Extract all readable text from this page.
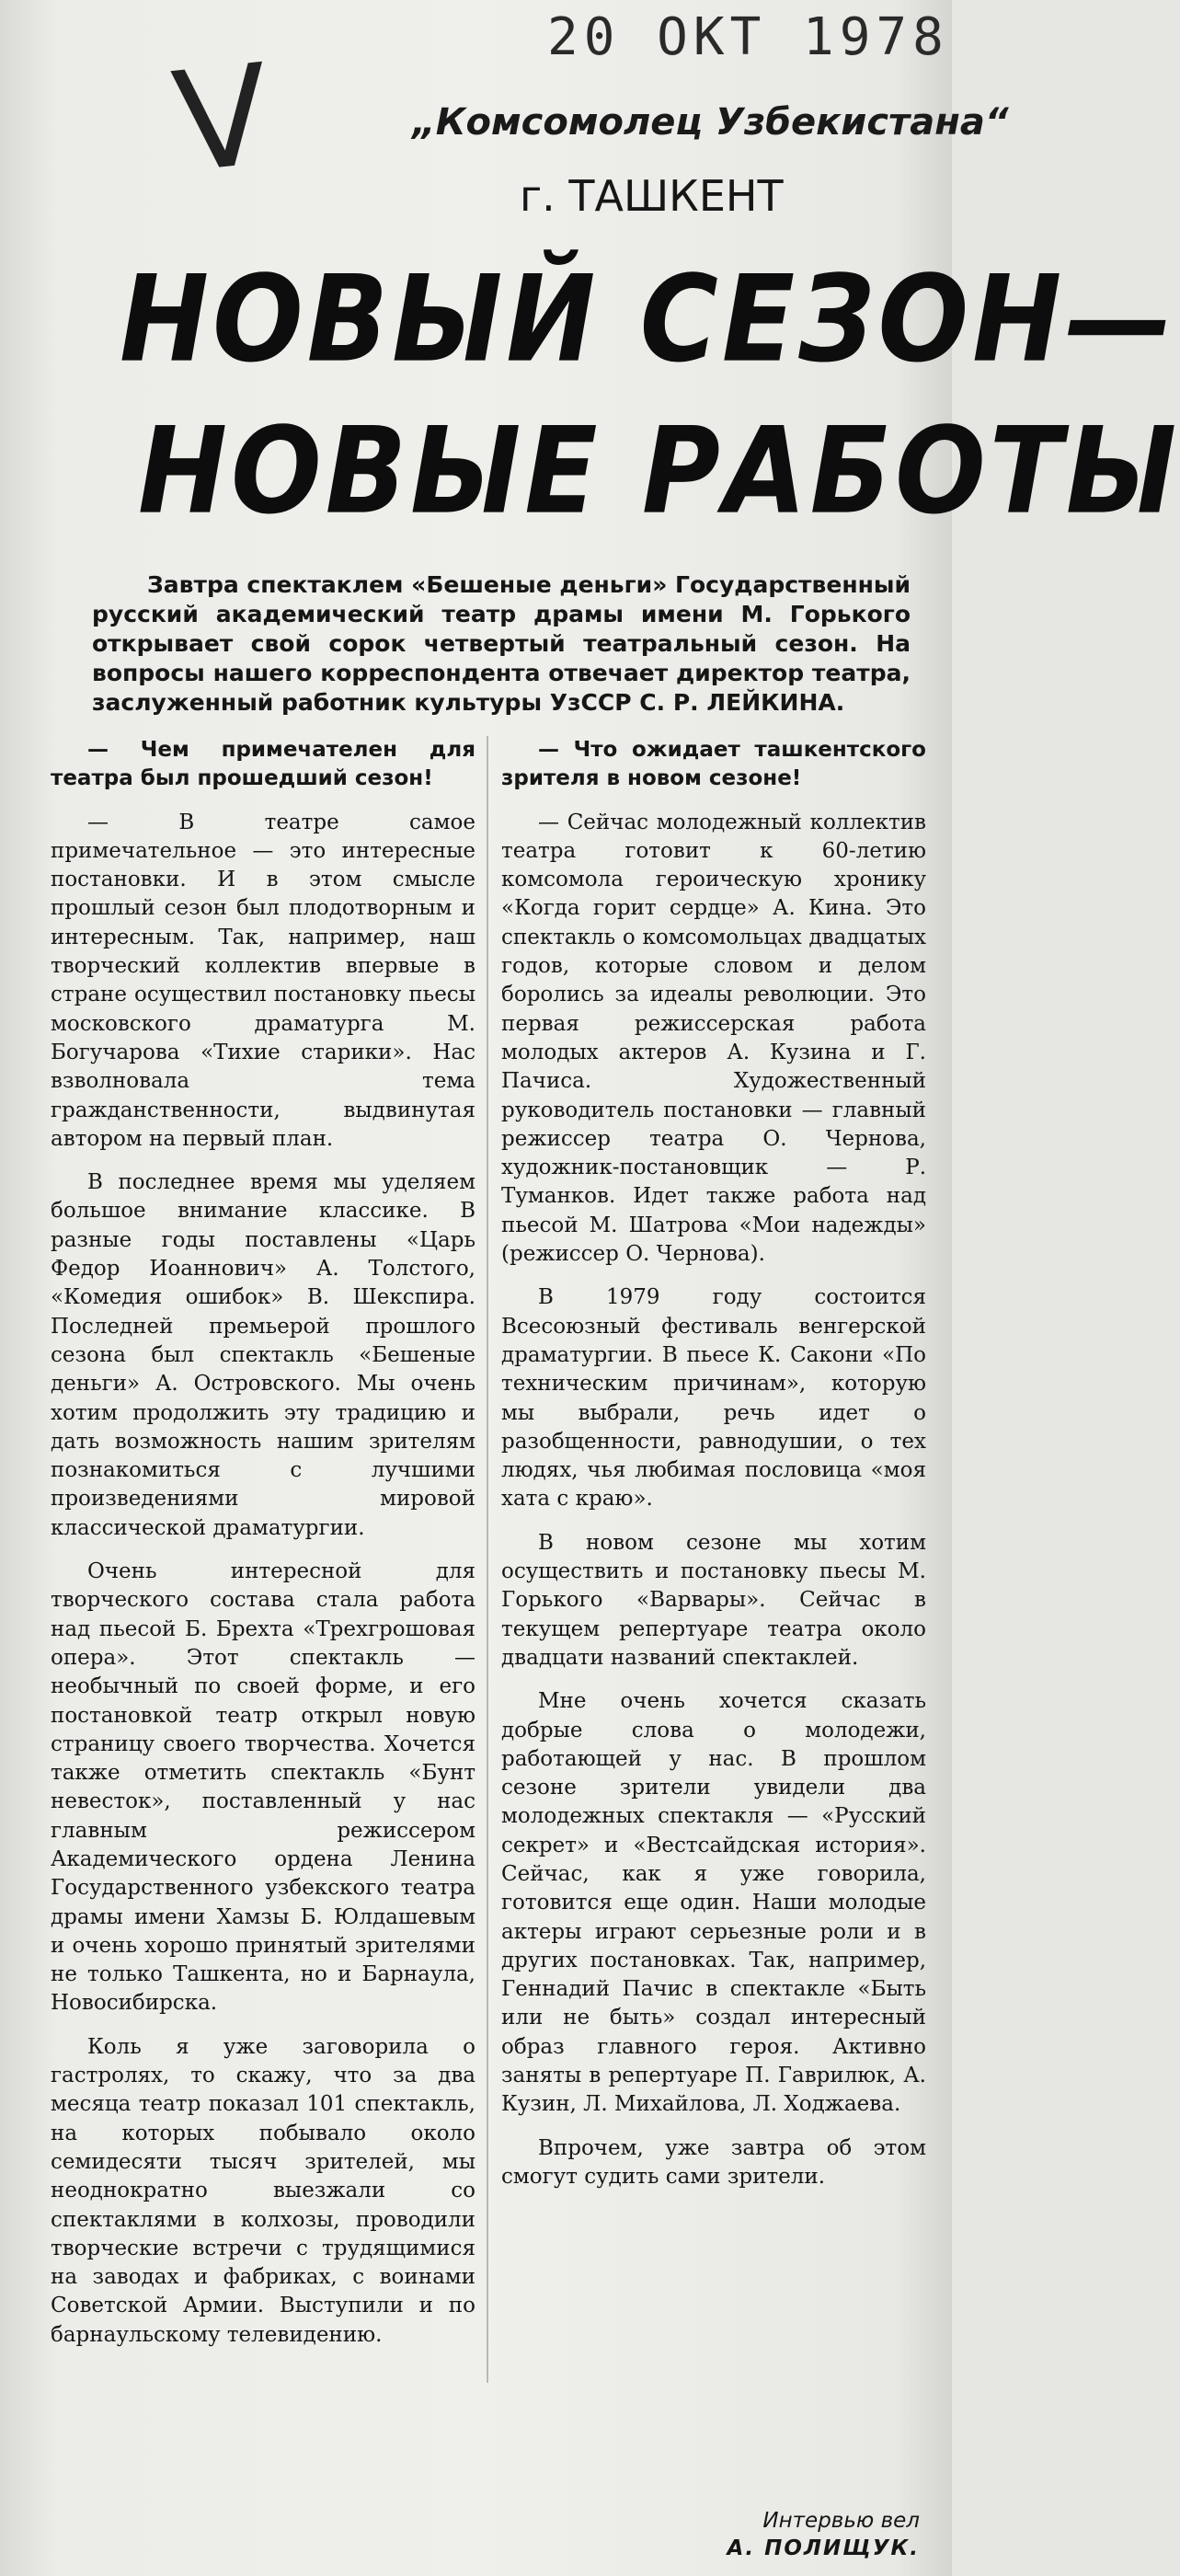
V	20 ОКТ 1978
„Комсомолец Узбекистана“
г. ТАШКЕНТ
НОВЫЙ СЕЗОН—
НОВЫЕ РАБОТЫ
Завтра спектаклем «Бешеные деньги» Государственный русский академический театр драмы имени М. Горького открывает свой сорок четвертый театральный сезон. На вопросы нашего корреспондента отвечает директор театра, заслуженный работник культуры УзССР С. Р. ЛЕЙКИНА.

— Чем примечателен для театра был прошедший сезон!

— В театре самое примечательное — это интересные постановки. И в этом смысле прошлый сезон был плодотворным и интересным. Так, например, наш творческий коллектив впервые в стране осуществил постановку пьесы московского драматурга М. Богучарова «Тихие старики». Нас взволновала тема гражданственности, выдвинутая автором на первый план.

В последнее время мы уделяем большое внимание классике. В разные годы поставлены «Царь Федор Иоаннович» А. Толстого, «Комедия ошибок» В. Шекспира. Последней премьерой прошлого сезона был спектакль «Бешеные деньги» А. Островского. Мы очень хотим продолжить эту традицию и дать возможность нашим зрителям познакомиться с лучшими произведениями мировой классической драматургии.

Очень интересной для творческого состава стала работа над пьесой Б. Брехта «Трехгрошовая опера». Этот спектакль — необычный по своей форме, и его постановкой театр открыл новую страницу своего творчества. Хочется также отметить спектакль «Бунт невесток», поставленный у нас главным режиссером Академического ордена Ленина Государственного узбекского театра драмы имени Хамзы Б. Юлдашевым и очень хорошо принятый зрителями не только Ташкента, но и Барнаула, Новосибирска.

Коль я уже заговорила о гастролях, то скажу, что за два месяца театр показал 101 спектакль, на которых побывало около семидесяти тысяч зрителей, мы неоднократно выезжали со спектаклями в колхозы, проводили творческие встречи с трудящимися на заводах и фабриках, с воинами Советской Армии. Выступили и по барнаульскому телевидению.

— Что ожидает ташкентского зрителя в новом сезоне!

— Сейчас молодежный коллектив театра готовит к 60-летию комсомола героическую хронику «Когда горит сердце» А. Кина. Это спектакль о комсомольцах двадцатых годов, которые словом и делом боролись за идеалы революции. Это первая режиссерская работа молодых актеров А. Кузина и Г. Пачиса. Художественный руководитель постановки — главный режиссер театра О. Чернова, художник-постановщик — Р. Туманков. Идет также работа над пьесой М. Шатрова «Мои надежды» (режиссер О. Чернова).

В 1979 году состоится Всесоюзный фестиваль венгерской драматургии. В пьесе К. Сакони «По техническим причинам», которую мы выбрали, речь идет о разобщенности, равнодушии, о тех людях, чья любимая пословица «моя хата с краю».

В новом сезоне мы хотим осуществить и постановку пьесы М. Горького «Варвары». Сейчас в текущем репертуаре театра около двадцати названий спектаклей.

Мне очень хочется сказать добрые слова о молодежи, работающей у нас. В прошлом сезоне зрители увидели два молодежных спектакля — «Русский секрет» и «Вестсайдская история». Сейчас, как я уже говорила, готовится еще один. Наши молодые актеры играют серьезные роли и в других постановках. Так, например, Геннадий Пачис в спектакле «Быть или не быть» создал интересный образ главного героя. Активно заняты в репертуаре П. Гаврилюк, А. Кузин, Л. Михайлова, Л. Ходжаева.

Впрочем, уже завтра об этом смогут судить сами зрители.

Интервью вел
А. ПОЛИЩУК.
